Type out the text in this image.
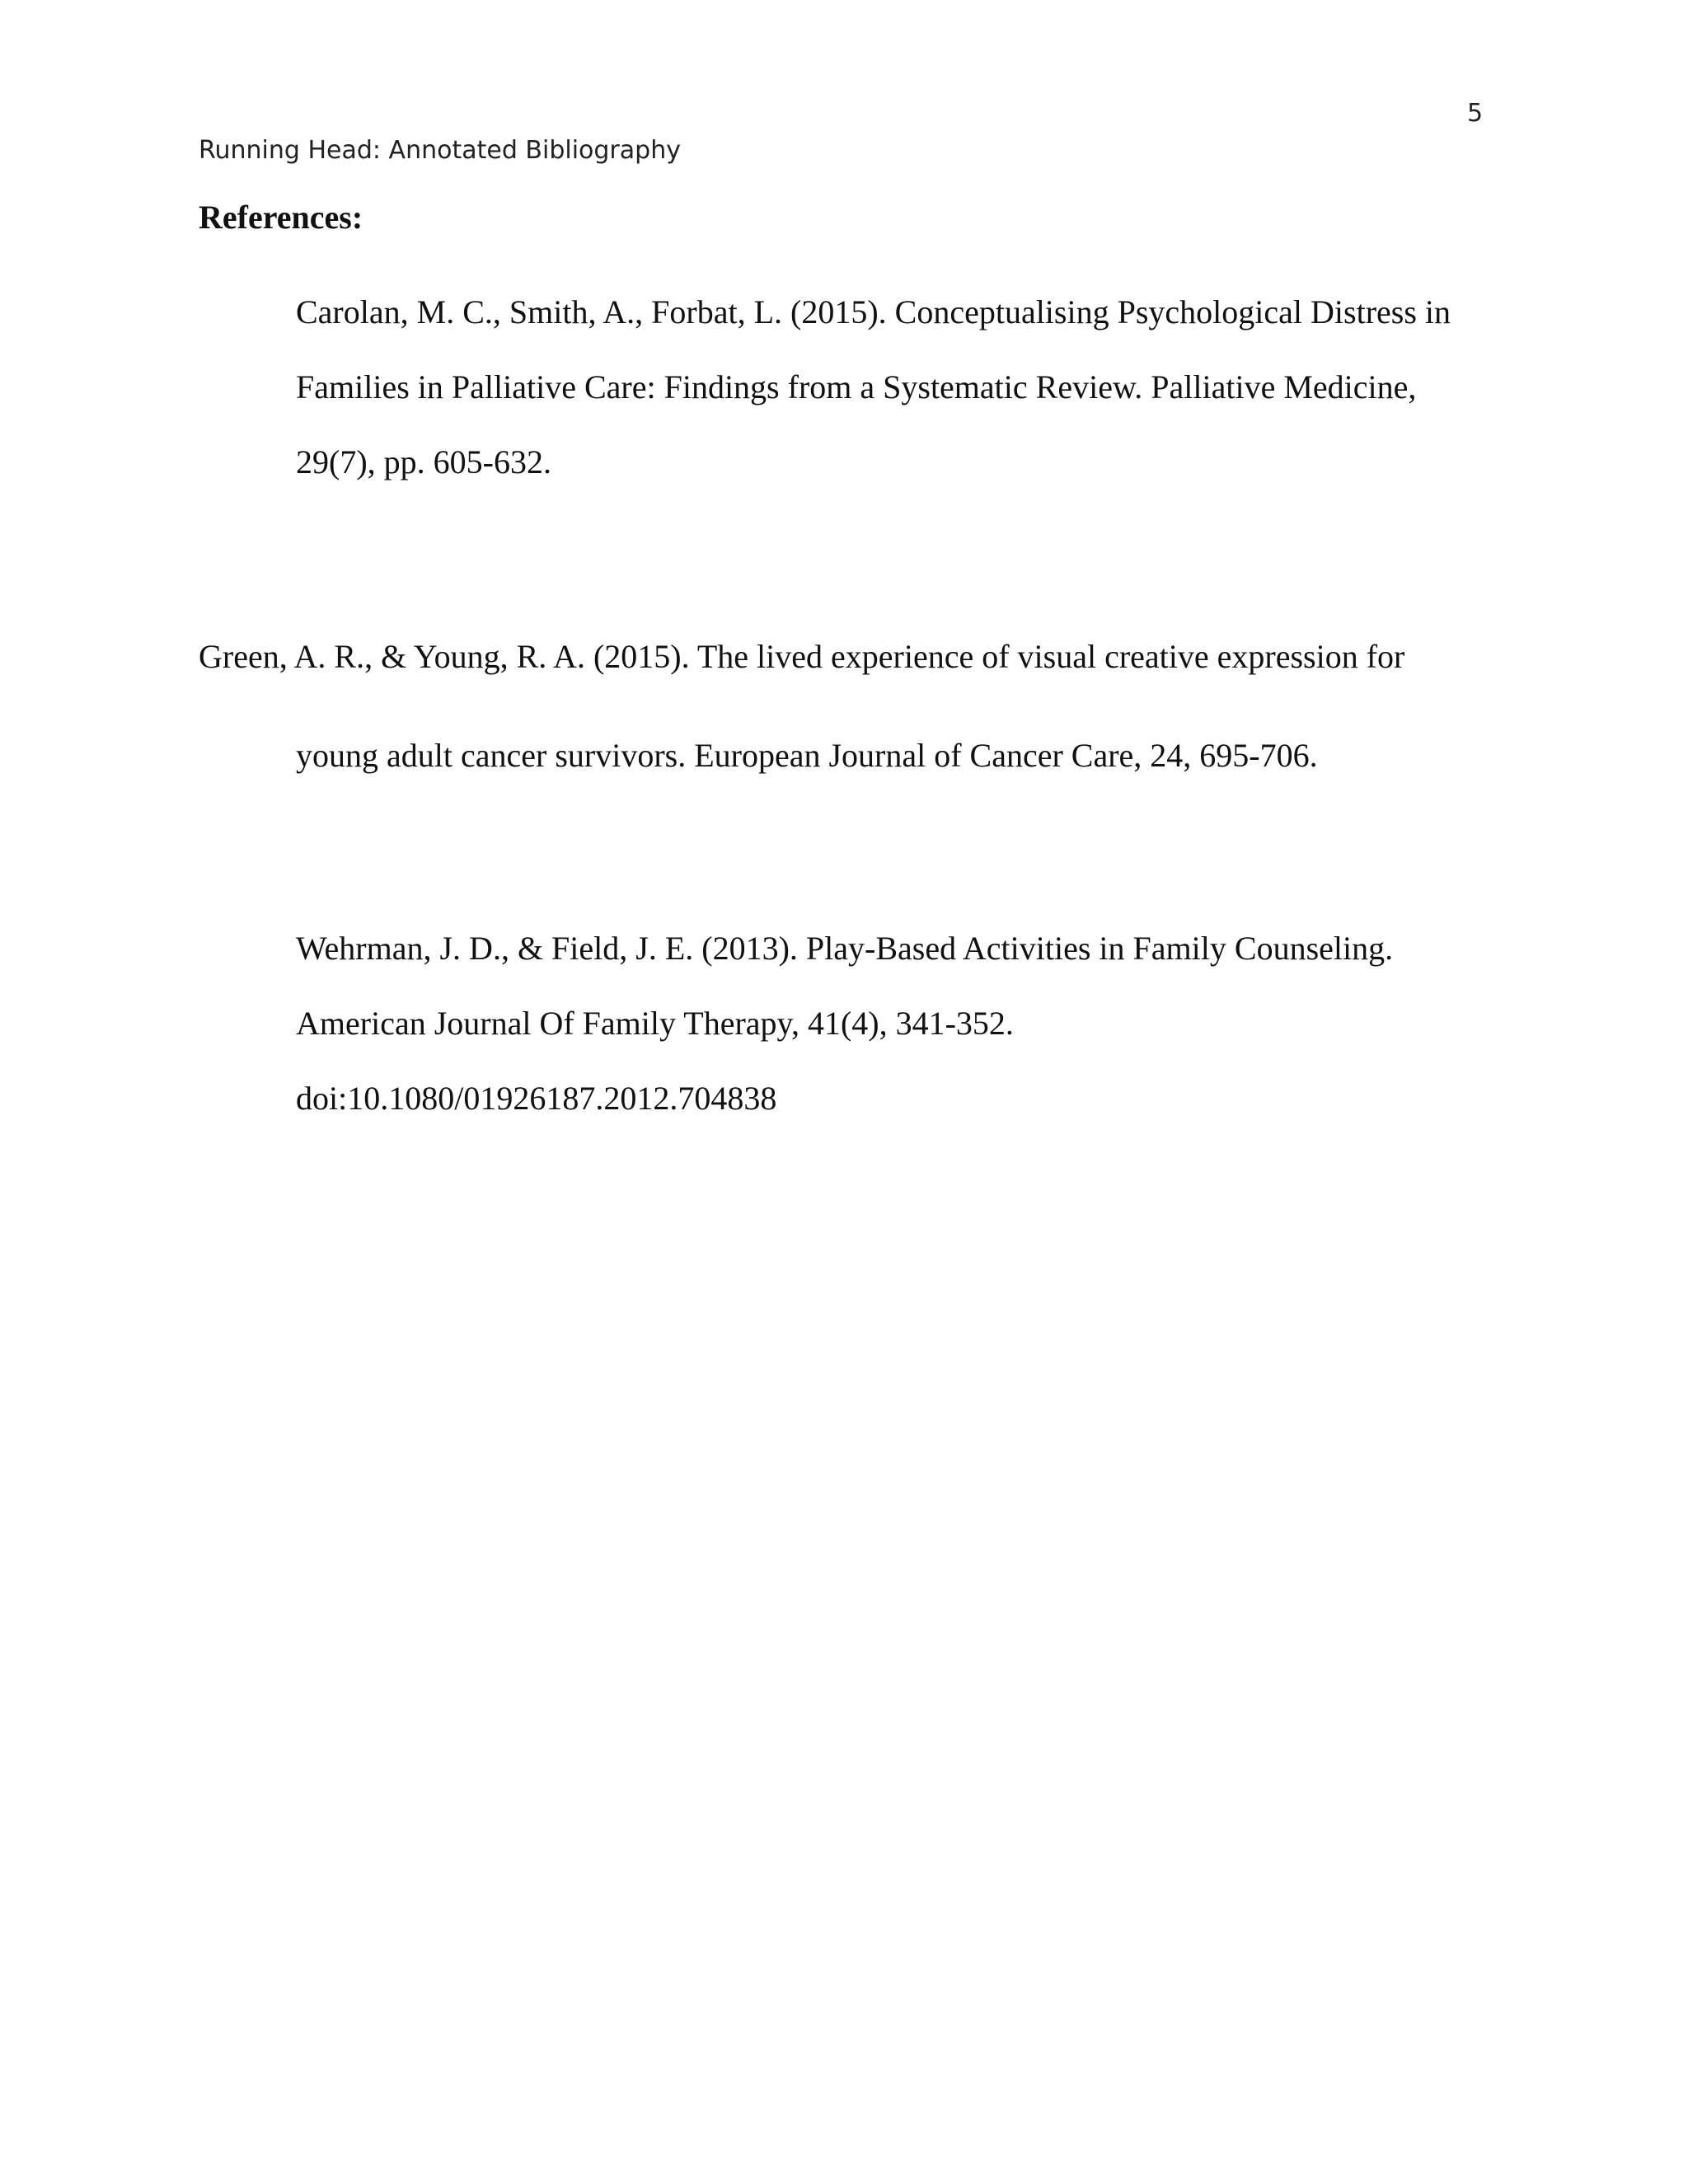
5
Running Head: Annotated Bibliography
References:
Carolan, M. C., Smith, A., Forbat, L. (2015). Conceptualising Psychological Distress in
Families in Palliative Care: Findings from a Systematic Review. Palliative Medicine,
29(7), pp. 605-632.
Green, A. R., & Young, R. A. (2015). The lived experience of visual creative expression for
young adult cancer survivors. European Journal of Cancer Care, 24, 695-706.
Wehrman, J. D., & Field, J. E. (2013). Play-Based Activities in Family Counseling.
American Journal Of Family Therapy, 41(4), 341-352.
doi:10.1080/01926187.2012.704838
